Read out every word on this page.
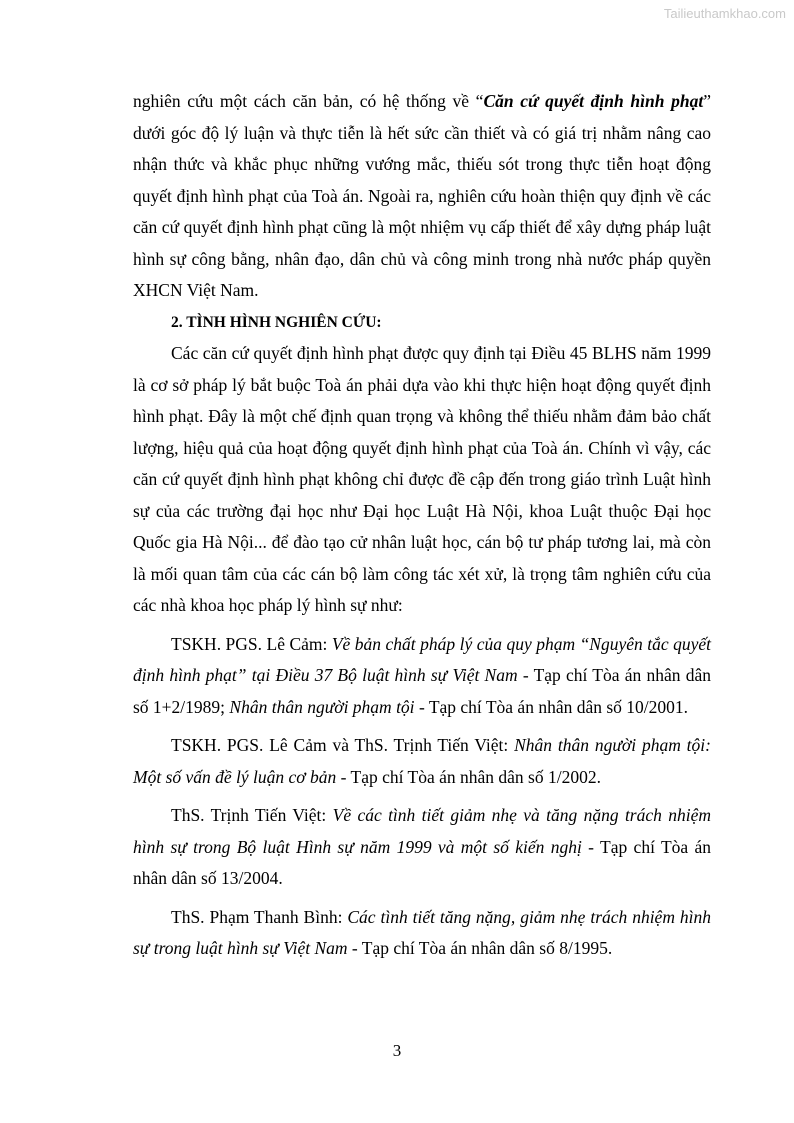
Tailieuthamkhao.com

nghiên cứu một cách căn bản, có hệ thống về “Căn cứ quyết định hình phạt” dưới góc độ lý luận và thực tiễn là hết sức cần thiết và có giá trị nhằm nâng cao nhận thức và khắc phục những vướng mắc, thiếu sót trong thực tiễn hoạt động quyết định hình phạt của Toà án. Ngoài ra, nghiên cứu hoàn thiện quy định về các căn cứ quyết định hình phạt cũng là một nhiệm vụ cấp thiết để xây dựng pháp luật hình sự công bằng, nhân đạo, dân chủ và công minh trong nhà nước pháp quyền XHCN Việt Nam.

2. TÌNH HÌNH NGHIÊN CỨU:

Các căn cứ quyết định hình phạt được quy định tại Điều 45 BLHS năm 1999 là cơ sở pháp lý bắt buộc Toà án phải dựa vào khi thực hiện hoạt động quyết định hình phạt. Đây là một chế định quan trọng và không thể thiếu nhằm đảm bảo chất lượng, hiệu quả của hoạt động quyết định hình phạt của Toà án. Chính vì vậy, các căn cứ quyết định hình phạt không chỉ được đề cập đến trong giáo trình Luật hình sự của các trường đại học như Đại học Luật Hà Nội, khoa Luật thuộc Đại học Quốc gia Hà Nội... để đào tạo cử nhân luật học, cán bộ tư pháp tương lai, mà còn là mối quan tâm của các cán bộ làm công tác xét xử, là trọng tâm nghiên cứu của các nhà khoa học pháp lý hình sự như:

TSKH. PGS. Lê Cảm: Về bản chất pháp lý của quy phạm “Nguyên tắc quyết định hình phạt” tại Điều 37 Bộ luật hình sự Việt Nam - Tạp chí Tòa án nhân dân số 1+2/1989; Nhân thân người phạm tội - Tạp chí Tòa án nhân dân số 10/2001.

TSKH. PGS. Lê Cảm và ThS. Trịnh Tiến Việt: Nhân thân người phạm tội: Một số vấn đề lý luận cơ bản - Tạp chí Tòa án nhân dân số 1/2002.

ThS. Trịnh Tiến Việt: Về các tình tiết giảm nhẹ và tăng nặng trách nhiệm hình sự trong Bộ luật Hình sự năm 1999 và một số kiến nghị - Tạp chí Tòa án nhân dân số 13/2004.

ThS. Phạm Thanh Bình: Các tình tiết tăng nặng, giảm nhẹ trách nhiệm hình sự trong luật hình sự Việt Nam - Tạp chí Tòa án nhân dân số 8/1995.

3
